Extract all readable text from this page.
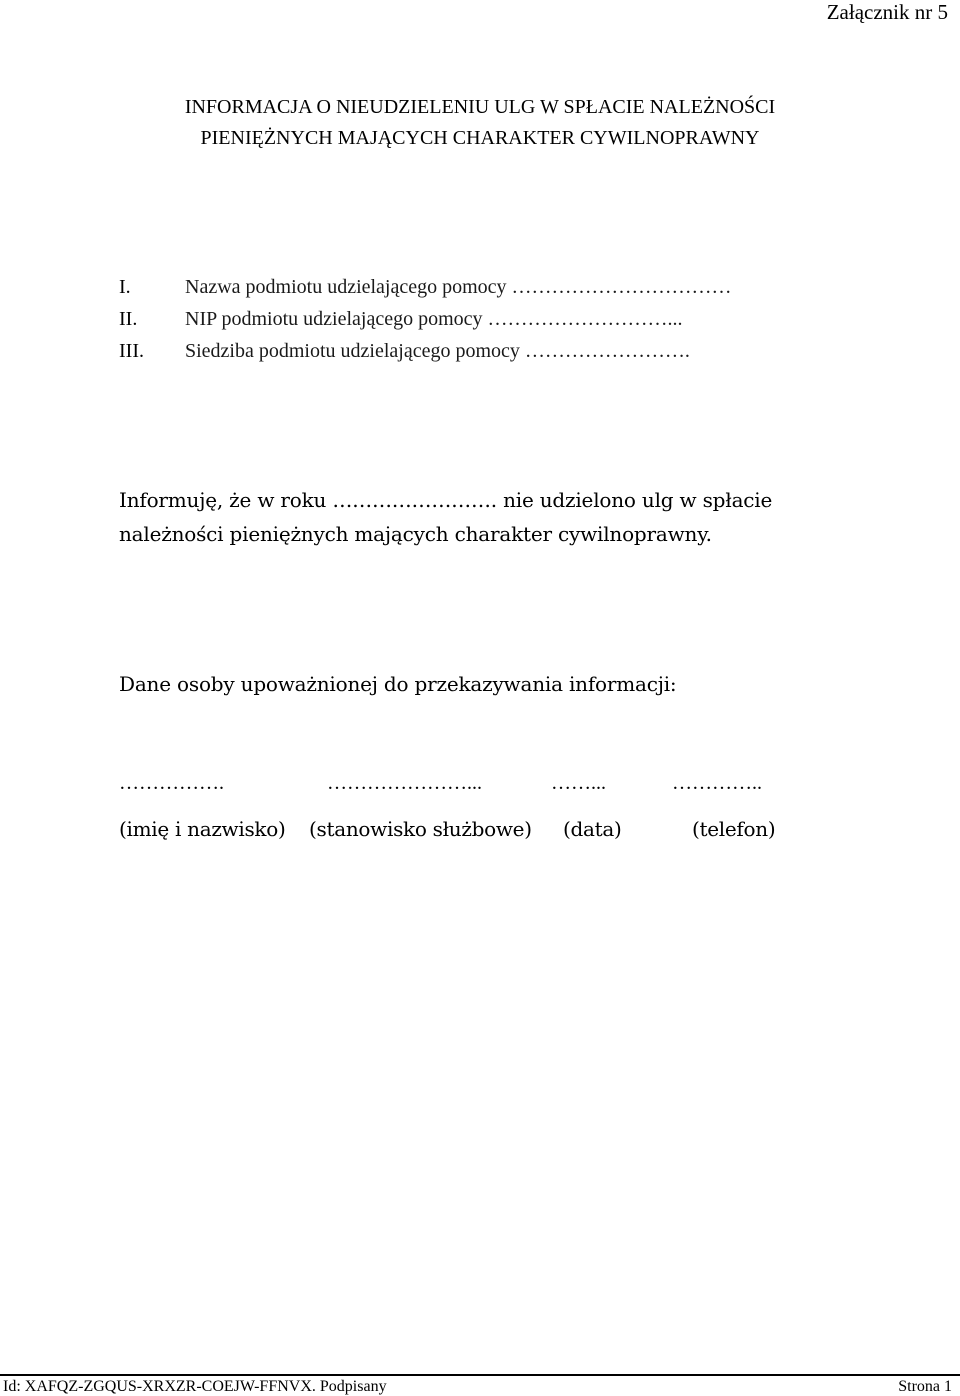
Załącznik nr 5
INFORMACJA O NIEUDZIELENIU ULG W SPŁACIE NALEŻNOŚCI
PIENIĘŻNYCH MAJĄCYCH CHARAKTER CYWILNOPRAWNY
I.	Nazwa podmiotu udzielającego pomocy ……………………………
II. NIP podmiotu udzielającego pomocy ………………………...
III. Siedziba podmiotu udzielającego pomocy …………………….
Informuję, że w roku ……………………. nie udzielono ulg w spłacie
należności pieniężnych mających charakter cywilnoprawny.
Dane osoby upoważnionej do przekazywania informacji:
…………….	…………………...	……...	…………..
(imię i nazwisko) (stanowisko służbowe) (data)	(telefon)
Id: XAFQZ-ZGQUS-XRXZR-COEJW-FFNVX. Podpisany	Strona 1
